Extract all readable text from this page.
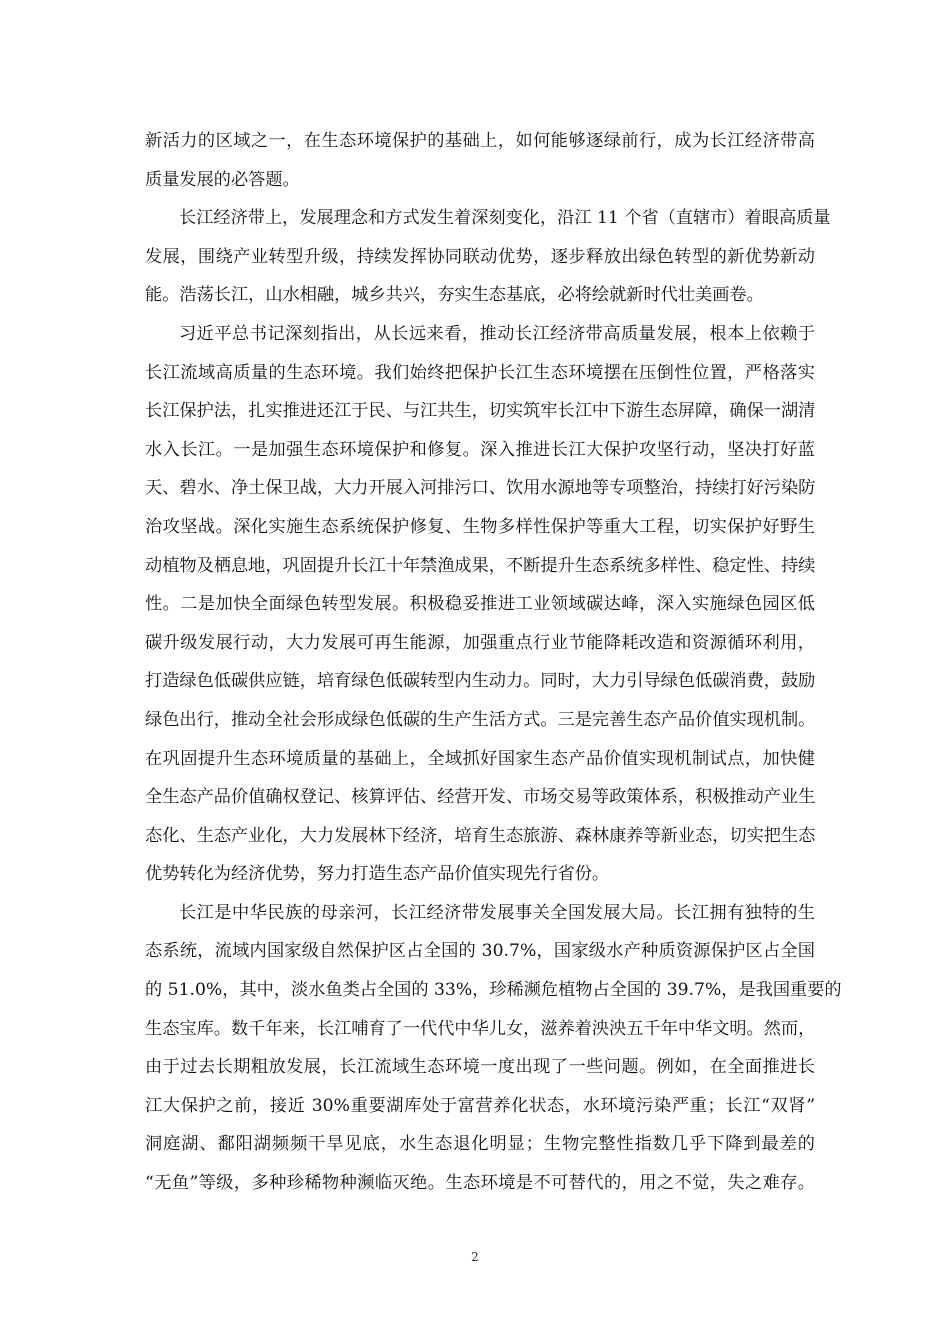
新活力的区域之一，在生态环境保护的基础上，如何能够逐绿前行，成为长江经济带高
质量发展的必答题。
长江经济带上，发展理念和方式发生着深刻变化，沿江 11 个省（直辖市）着眼高质量
发展，围绕产业转型升级，持续发挥协同联动优势，逐步释放出绿色转型的新优势新动
能。浩荡长江，山水相融，城乡共兴，夯实生态基底，必将绘就新时代壮美画卷。
习近平总书记深刻指出，从长远来看，推动长江经济带高质量发展，根本上依赖于
长江流域高质量的生态环境。我们始终把保护长江生态环境摆在压倒性位置，严格落实
长江保护法，扎实推进还江于民、与江共生，切实筑牢长江中下游生态屏障，确保一湖清
水入长江。一是加强生态环境保护和修复。深入推进长江大保护攻坚行动，坚决打好蓝
天、碧水、净土保卫战，大力开展入河排污口、饮用水源地等专项整治，持续打好污染防
治攻坚战。深化实施生态系统保护修复、生物多样性保护等重大工程，切实保护好野生
动植物及栖息地，巩固提升长江十年禁渔成果，不断提升生态系统多样性、稳定性、持续
性。二是加快全面绿色转型发展。积极稳妥推进工业领域碳达峰，深入实施绿色园区低
碳升级发展行动，大力发展可再生能源，加强重点行业节能降耗改造和资源循环利用，
打造绿色低碳供应链，培育绿色低碳转型内生动力。同时，大力引导绿色低碳消费，鼓励
绿色出行，推动全社会形成绿色低碳的生产生活方式。三是完善生态产品价值实现机制。
在巩固提升生态环境质量的基础上，全域抓好国家生态产品价值实现机制试点，加快健
全生态产品价值确权登记、核算评估、经营开发、市场交易等政策体系，积极推动产业生
态化、生态产业化，大力发展林下经济，培育生态旅游、森林康养等新业态，切实把生态
优势转化为经济优势，努力打造生态产品价值实现先行省份。
长江是中华民族的母亲河，长江经济带发展事关全国发展大局。长江拥有独特的生
态系统，流域内国家级自然保护区占全国的 30.7%，国家级水产种质资源保护区占全国
的 51.0%，其中，淡水鱼类占全国的 33%，珍稀濒危植物占全国的 39.7%，是我国重要的
生态宝库。数千年来，长江哺育了一代代中华儿女，滋养着泱泱五千年中华文明。然而，
由于过去长期粗放发展，长江流域生态环境一度出现了一些问题。例如，在全面推进长
江大保护之前，接近 30%重要湖库处于富营养化状态，水环境污染严重；长江“双肾”
洞庭湖、鄱阳湖频频干旱见底，水生态退化明显；生物完整性指数几乎下降到最差的
“无鱼”等级，多种珍稀物种濒临灭绝。生态环境是不可替代的，用之不觉，失之难存。
2
